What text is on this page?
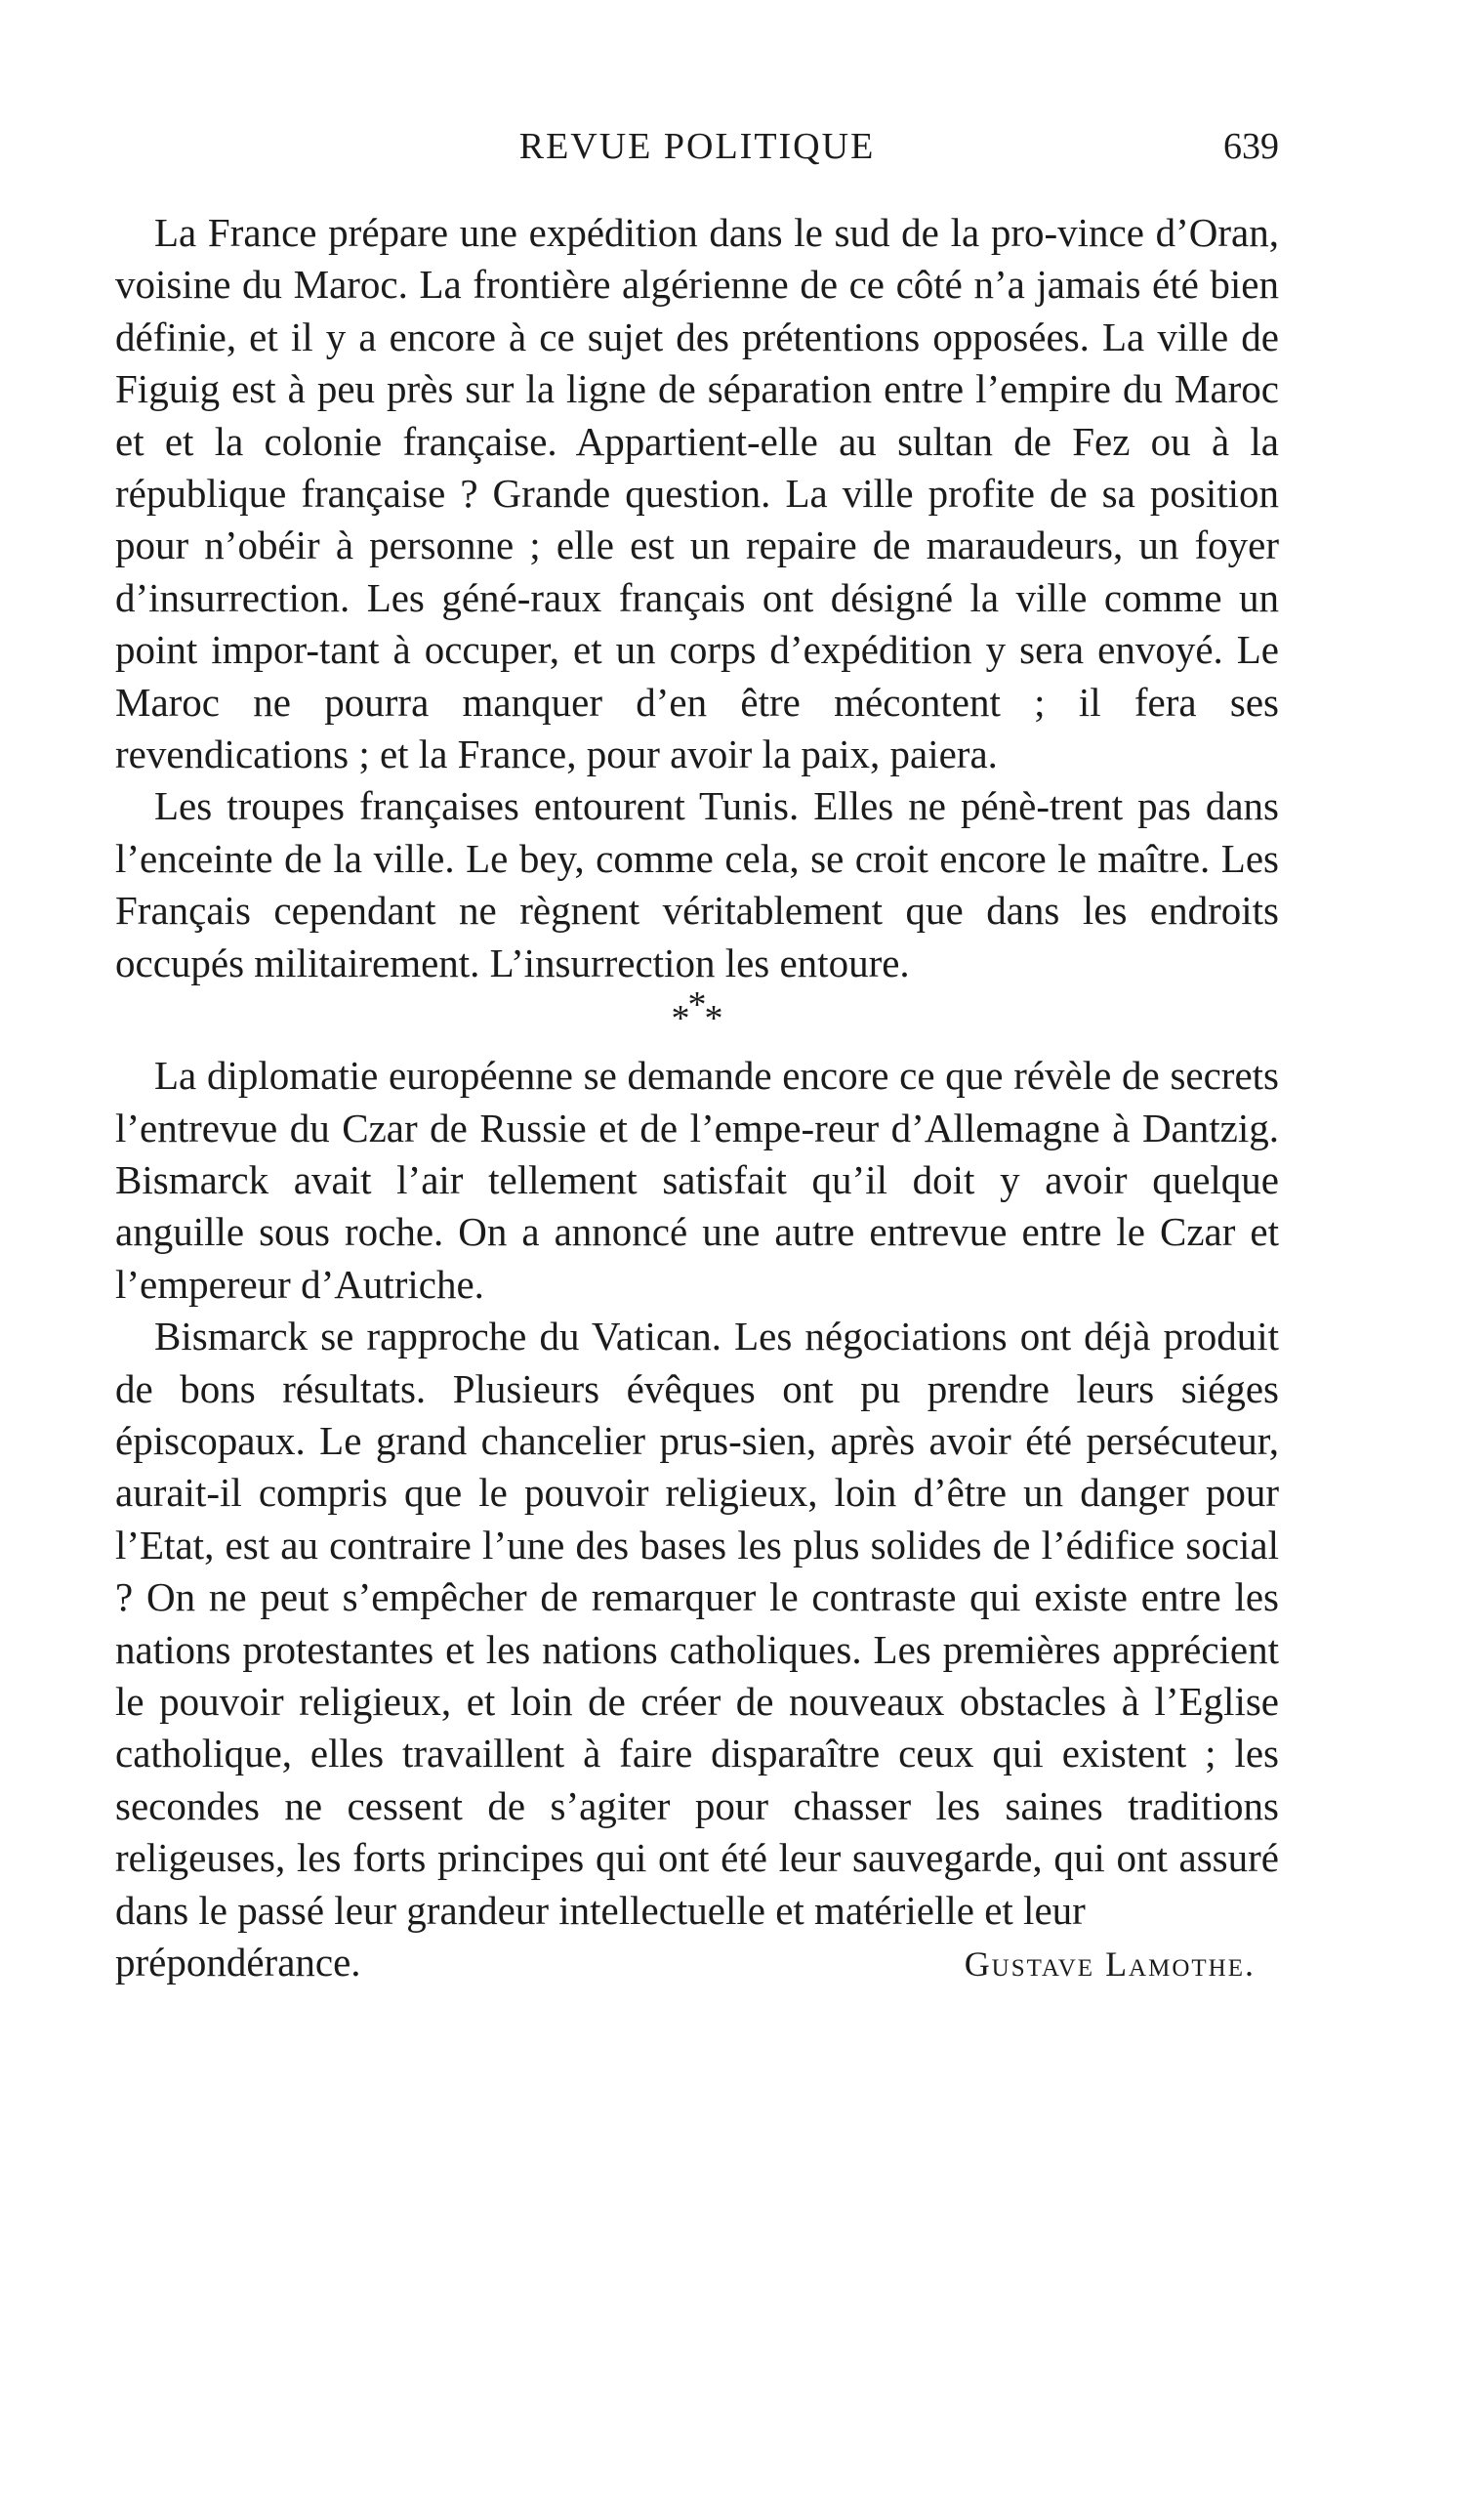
REVUE POLITIQUE	639

La France prépare une expédition dans le sud de la pro-vince d’Oran, voisine du Maroc. La frontière algérienne de ce côté n’a jamais été bien définie, et il y a encore à ce sujet des prétentions opposées. La ville de Figuig est à peu près sur la ligne de séparation entre l’empire du Maroc et et la colonie française. Appartient-elle au sultan de Fez ou à la république française ? Grande question. La ville profite de sa position pour n’obéir à personne ; elle est un repaire de maraudeurs, un foyer d’insurrection. Les géné-raux français ont désigné la ville comme un point impor-tant à occuper, et un corps d’expédition y sera envoyé. Le Maroc ne pourra manquer d’en être mécontent ; il fera ses revendications ; et la France, pour avoir la paix, paiera.

Les troupes françaises entourent Tunis. Elles ne pénè-trent pas dans l’enceinte de la ville. Le bey, comme cela, se croit encore le maître. Les Français cependant ne règnent véritablement que dans les endroits occupés militairement. L’insurrection les entoure.

***

La diplomatie européenne se demande encore ce que révèle de secrets l’entrevue du Czar de Russie et de l’empe-reur d’Allemagne à Dantzig. Bismarck avait l’air tellement satisfait qu’il doit y avoir quelque anguille sous roche. On a annoncé une autre entrevue entre le Czar et l’empereur d’Autriche.

Bismarck se rapproche du Vatican. Les négociations ont déjà produit de bons résultats. Plusieurs évêques ont pu prendre leurs siéges épiscopaux. Le grand chancelier prus-sien, après avoir été persécuteur, aurait-il compris que le pouvoir religieux, loin d’être un danger pour l’Etat, est au contraire l’une des bases les plus solides de l’édifice social ? On ne peut s’empêcher de remarquer le contraste qui existe entre les nations protestantes et les nations catholiques. Les premières apprécient le pouvoir religieux, et loin de créer de nouveaux obstacles à l’Eglise catholique, elles travaillent à faire disparaître ceux qui existent ; les secondes ne cessent de s’agiter pour chasser les saines traditions religeuses, les forts principes qui ont été leur sauvegarde, qui ont assuré dans le passé leur grandeur intellectuelle et matérielle et leur

prépondérance.	Gustave Lamothe.
